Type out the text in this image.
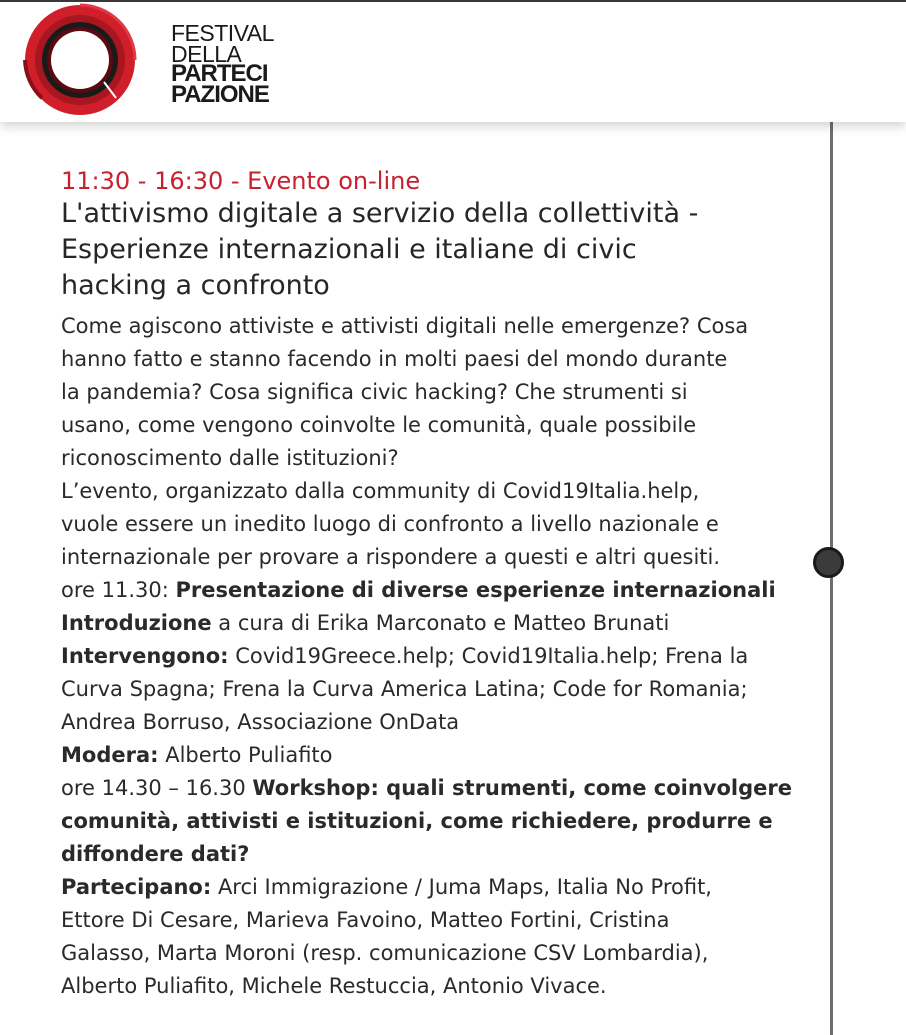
FESTIVAL
DELLA
PARTECI
PAZIONE
11:30 - 16:30 - Evento on-line
L'attivismo digitale a servizio della collettività -
Esperienze internazionali e italiane di civic
hacking a confronto
Come agiscono attiviste e attivisti digitali nelle emergenze? Cosa
hanno fatto e stanno facendo in molti paesi del mondo durante
la pandemia? Cosa significa civic hacking? Che strumenti si
usano, come vengono coinvolte le comunità, quale possibile
riconoscimento dalle istituzioni?
L’evento, organizzato dalla community di Covid19Italia.help,
vuole essere un inedito luogo di confronto a livello nazionale e
internazionale per provare a rispondere a questi e altri quesiti.
ore 11.30: Presentazione di diverse esperienze internazionali
Introduzione a cura di Erika Marconato e Matteo Brunati
Intervengono: Covid19Greece.help; Covid19Italia.help; Frena la
Curva Spagna; Frena la Curva America Latina; Code for Romania;
Andrea Borruso, Associazione OnData
Modera: Alberto Puliafito
ore 14.30 – 16.30 Workshop: quali strumenti, come coinvolgere
comunità, attivisti e istituzioni, come richiedere, produrre e
diffondere dati?
Partecipano: Arci Immigrazione / Juma Maps, Italia No Profit,
Ettore Di Cesare, Marieva Favoino, Matteo Fortini, Cristina
Galasso, Marta Moroni (resp. comunicazione CSV Lombardia),
Alberto Puliafito, Michele Restuccia, Antonio Vivace.
